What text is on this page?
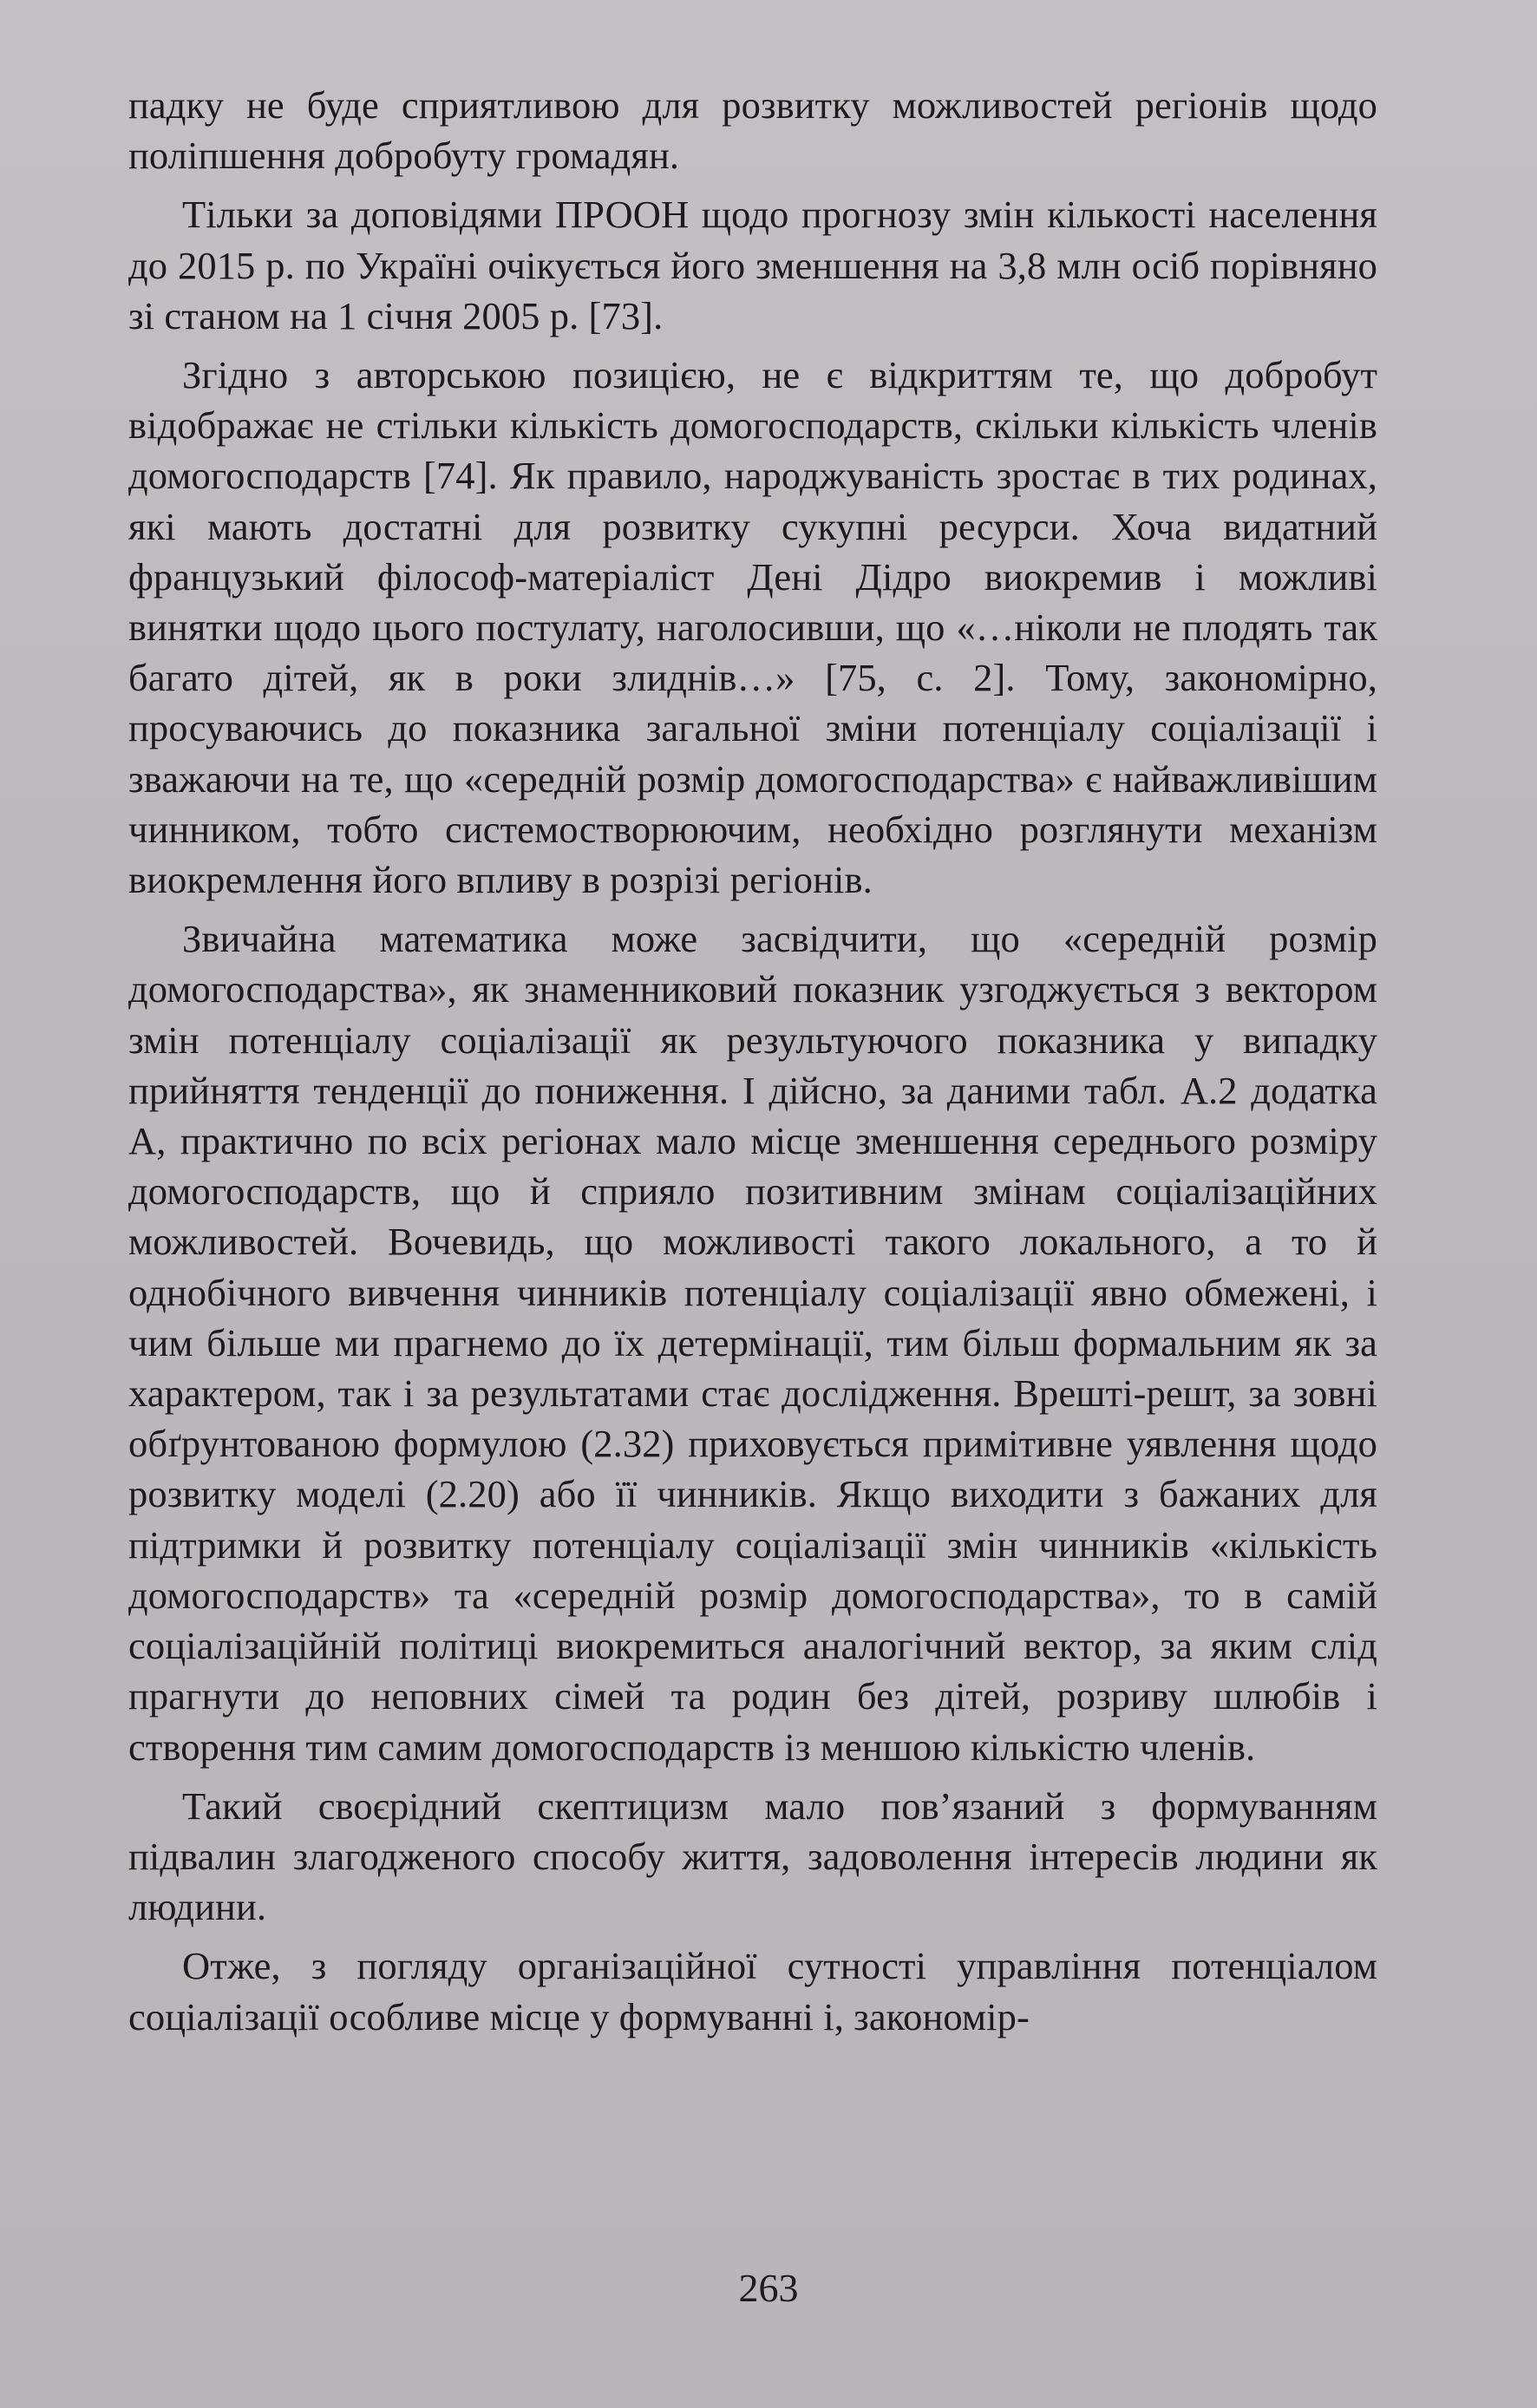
падку не буде сприятливою для розвитку можливостей регіонів щодо поліпшення добробуту громадян.

Тільки за доповідями ПРООН щодо прогнозу змін кількості населення до 2015 р. по Україні очікується його зменшення на 3,8 млн осіб порівняно зі станом на 1 січня 2005 р. [73].

Згідно з авторською позицією, не є відкриттям те, що добробут відображає не стільки кількість домогосподарств, скільки кількість членів домогосподарств [74]. Як правило, народжуваність зростає в тих родинах, які мають достатні для розвитку сукупні ресурси. Хоча видатний французький філософ-матеріаліст Дені Дідро виокремив і можливі винятки щодо цього постулату, наголосивши, що «…ніколи не плодять так багато дітей, як в роки злиднів…» [75, с. 2]. Тому, закономірно, просуваючись до показника загальної зміни потенціалу соціалізації і зважаючи на те, що «середній розмір домогосподарства» є найважливішим чинником, тобто системостворюючим, необхідно розглянути механізм виокремлення його впливу в розрізі регіонів.

Звичайна математика може засвідчити, що «середній розмір домогосподарства», як знаменниковий показник узгоджується з вектором змін потенціалу соціалізації як результуючого показника у випадку прийняття тенденції до пониження. І дійсно, за даними табл. А.2 додатка А, практично по всіх регіонах мало місце зменшення середнього розміру домогосподарств, що й сприяло позитивним змінам соціалізаційних можливостей. Вочевидь, що можливості такого локального, а то й однобічного вивчення чинників потенціалу соціалізації явно обмежені, і чим більше ми прагнемо до їх детермінації, тим більш формальним як за характером, так і за результатами стає дослідження. Врешті-решт, за зовні обґрунтованою формулою (2.32) приховується примітивне уявлення щодо розвитку моделі (2.20) або її чинників. Якщо виходити з бажаних для підтримки й розвитку потенціалу соціалізації змін чинників «кількість домогосподарств» та «середній розмір домогосподарства», то в самій соціалізаційній політиці виокремиться аналогічний вектор, за яким слід прагнути до неповних сімей та родин без дітей, розриву шлюбів і створення тим самим домогосподарств із меншою кількістю членів.

Такий своєрідний скептицизм мало пов’язаний з формуванням підвалин злагодженого способу життя, задоволення інтересів людини як людини.

Отже, з погляду організаційної сутності управління потенціалом соціалізації особливе місце у формуванні і, закономір-

263
